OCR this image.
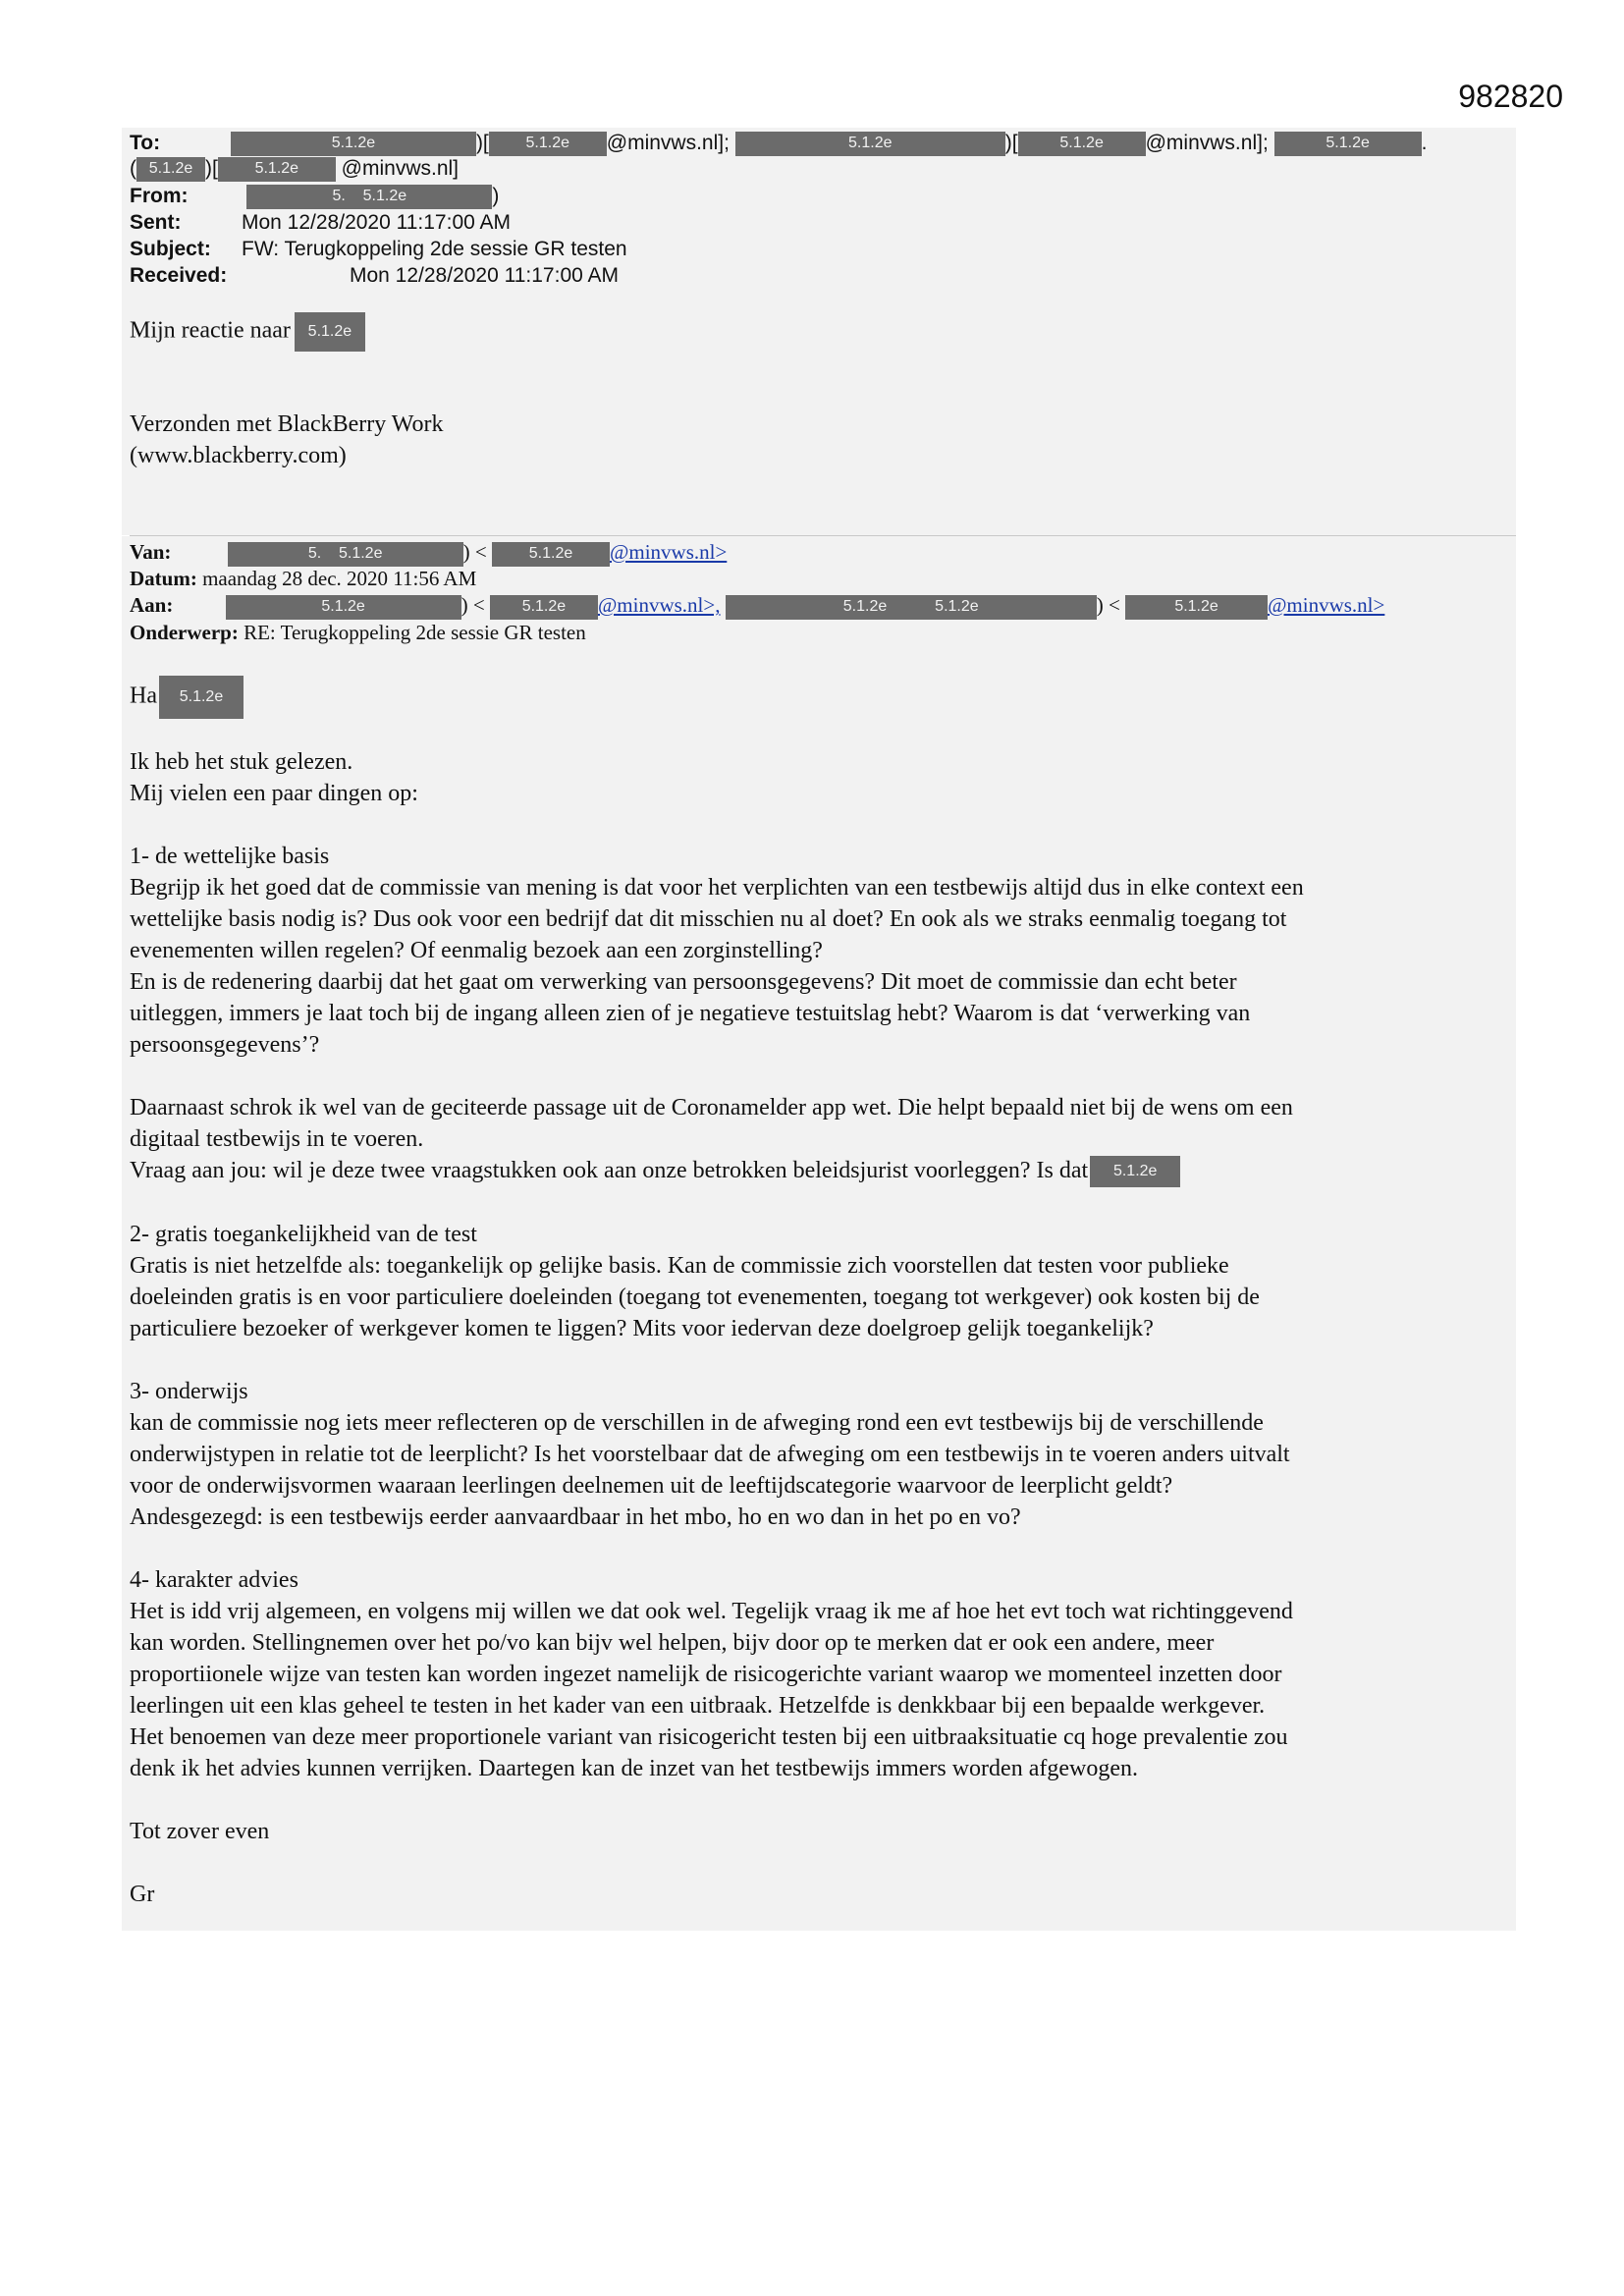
982820
To:	5.1.2e	)[ 5.1.2e @minvws.nl];	5.1.2e	)[	5.1.2e @minvws.nl];	5.1.2e	.
( 5.1.2e )[ 5.1.2e @minvws.nl]
From:	5. 5.1.2e	)
Sent:	Mon 12/28/2020 11:17:00 AM
Subject: FW: Terugkoppeling 2de sessie GR testen
Received:	Mon 12/28/2020 11:17:00 AM

Mijn reactie naar 5.1.2e

Verzonden met BlackBerry Work

(www.blackberry.com)

Van:	5. 5.1.2e	) < 5.1.2e @minvws.nl>
Datum: maandag 28 dec. 2020 11:56 AM
Aan:	5.1.2e	) < 5.1.2e @minvws.nl>,	5.1.2e	5.1.2e	) <	5.1.2e @minvws.nl>
Onderwerp: RE: Terugkoppeling 2de sessie GR testen

Ha 5.1.2e

Ik heb het stuk gelezen.

Mij vielen een paar dingen op:

1- de wettelijke basis

Begrijp ik het goed dat de commissie van mening is dat voor het verplichten van een testbewijs altijd dus in elke context een

wettelijke basis nodig is? Dus ook voor een bedrijf dat dit misschien nu al doet? En ook als we straks eenmalig toegang tot

evenementen willen regelen? Of eenmalig bezoek aan een zorginstelling?

En is de redenering daarbij dat het gaat om verwerking van persoonsgegevens? Dit moet de commissie dan echt beter

uitleggen, immers je laat toch bij de ingang alleen zien of je negatieve testuitslag hebt? Waarom is dat ‘verwerking van

persoonsgegevens’?

Daarnaast schrok ik wel van de geciteerde passage uit de Coronamelder app wet. Die helpt bepaald niet bij de wens om een

digitaal testbewijs in te voeren.

Vraag aan jou: wil je deze twee vraagstukken ook aan onze betrokken beleidsjurist voorleggen? Is dat 5.1.2e

2- gratis toegankelijkheid van de test

Gratis is niet hetzelfde als: toegankelijk op gelijke basis. Kan de commissie zich voorstellen dat testen voor publieke

doeleinden gratis is en voor particuliere doeleinden (toegang tot evenementen, toegang tot werkgever) ook kosten bij de

particuliere bezoeker of werkgever komen te liggen? Mits voor iedervan deze doelgroep gelijk toegankelijk?

3- onderwijs

kan de commissie nog iets meer reflecteren op de verschillen in de afweging rond een evt testbewijs bij de verschillende

onderwijstypen in relatie tot de leerplicht? Is het voorstelbaar dat de afweging om een testbewijs in te voeren anders uitvalt

voor de onderwijsvormen waaraan leerlingen deelnemen uit de leeftijdscategorie waarvoor de leerplicht geldt?

Andesgezegd: is een testbewijs eerder aanvaardbaar in het mbo, ho en wo dan in het po en vo?

4- karakter advies

Het is idd vrij algemeen, en volgens mij willen we dat ook wel. Tegelijk vraag ik me af hoe het evt toch wat richtinggevend

kan worden. Stellingnemen over het po/vo kan bijv wel helpen, bijv door op te merken dat er ook een andere, meer

proportiionele wijze van testen kan worden ingezet namelijk de risicogerichte variant waarop we momenteel inzetten door

leerlingen uit een klas geheel te testen in het kader van een uitbraak. Hetzelfde is denkkbaar bij een bepaalde werkgever.

Het benoemen van deze meer proportionele variant van risicogericht testen bij een uitbraaksituatie cq hoge prevalentie zou

denk ik het advies kunnen verrijken. Daartegen kan de inzet van het testbewijs immers worden afgewogen.

Tot zover even

Gr
